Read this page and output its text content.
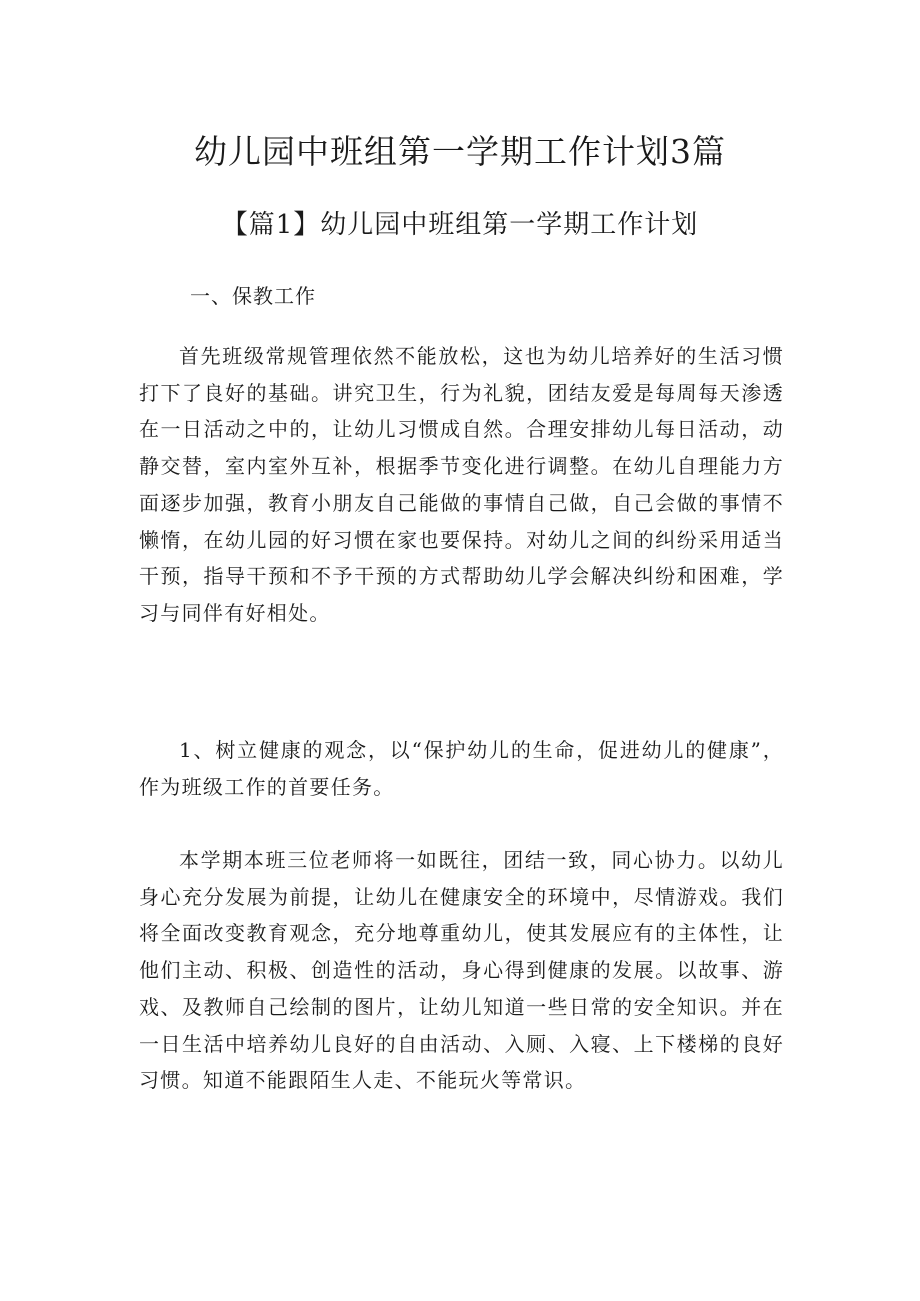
幼儿园中班组第一学期工作计划3篇
【篇1】幼儿园中班组第一学期工作计划

一、保教工作

首先班级常规管理依然不能放松，这也为幼儿培养好的生活习惯打下了良好的基础。讲究卫生，行为礼貌，团结友爱是每周每天渗透在一日活动之中的，让幼儿习惯成自然。合理安排幼儿每日活动，动静交替，室内室外互补，根据季节变化进行调整。在幼儿自理能力方面逐步加强，教育小朋友自己能做的事情自己做，自己会做的事情不懒惰，在幼儿园的好习惯在家也要保持。对幼儿之间的纠纷采用适当干预，指导干预和不予干预的方式帮助幼儿学会解决纠纷和困难，学习与同伴有好相处。

1、树立健康的观念，以“保护幼儿的生命，促进幼儿的健康”，作为班级工作的首要任务。

本学期本班三位老师将一如既往，团结一致，同心协力。以幼儿身心充分发展为前提，让幼儿在健康安全的环境中，尽情游戏。我们将全面改变教育观念，充分地尊重幼儿，使其发展应有的主体性，让他们主动、积极、创造性的活动，身心得到健康的发展。以故事、游戏、及教师自己绘制的图片，让幼儿知道一些日常的安全知识。并在一日生活中培养幼儿良好的自由活动、入厕、入寝、上下楼梯的良好习惯。知道不能跟陌生人走、不能玩火等常识。
